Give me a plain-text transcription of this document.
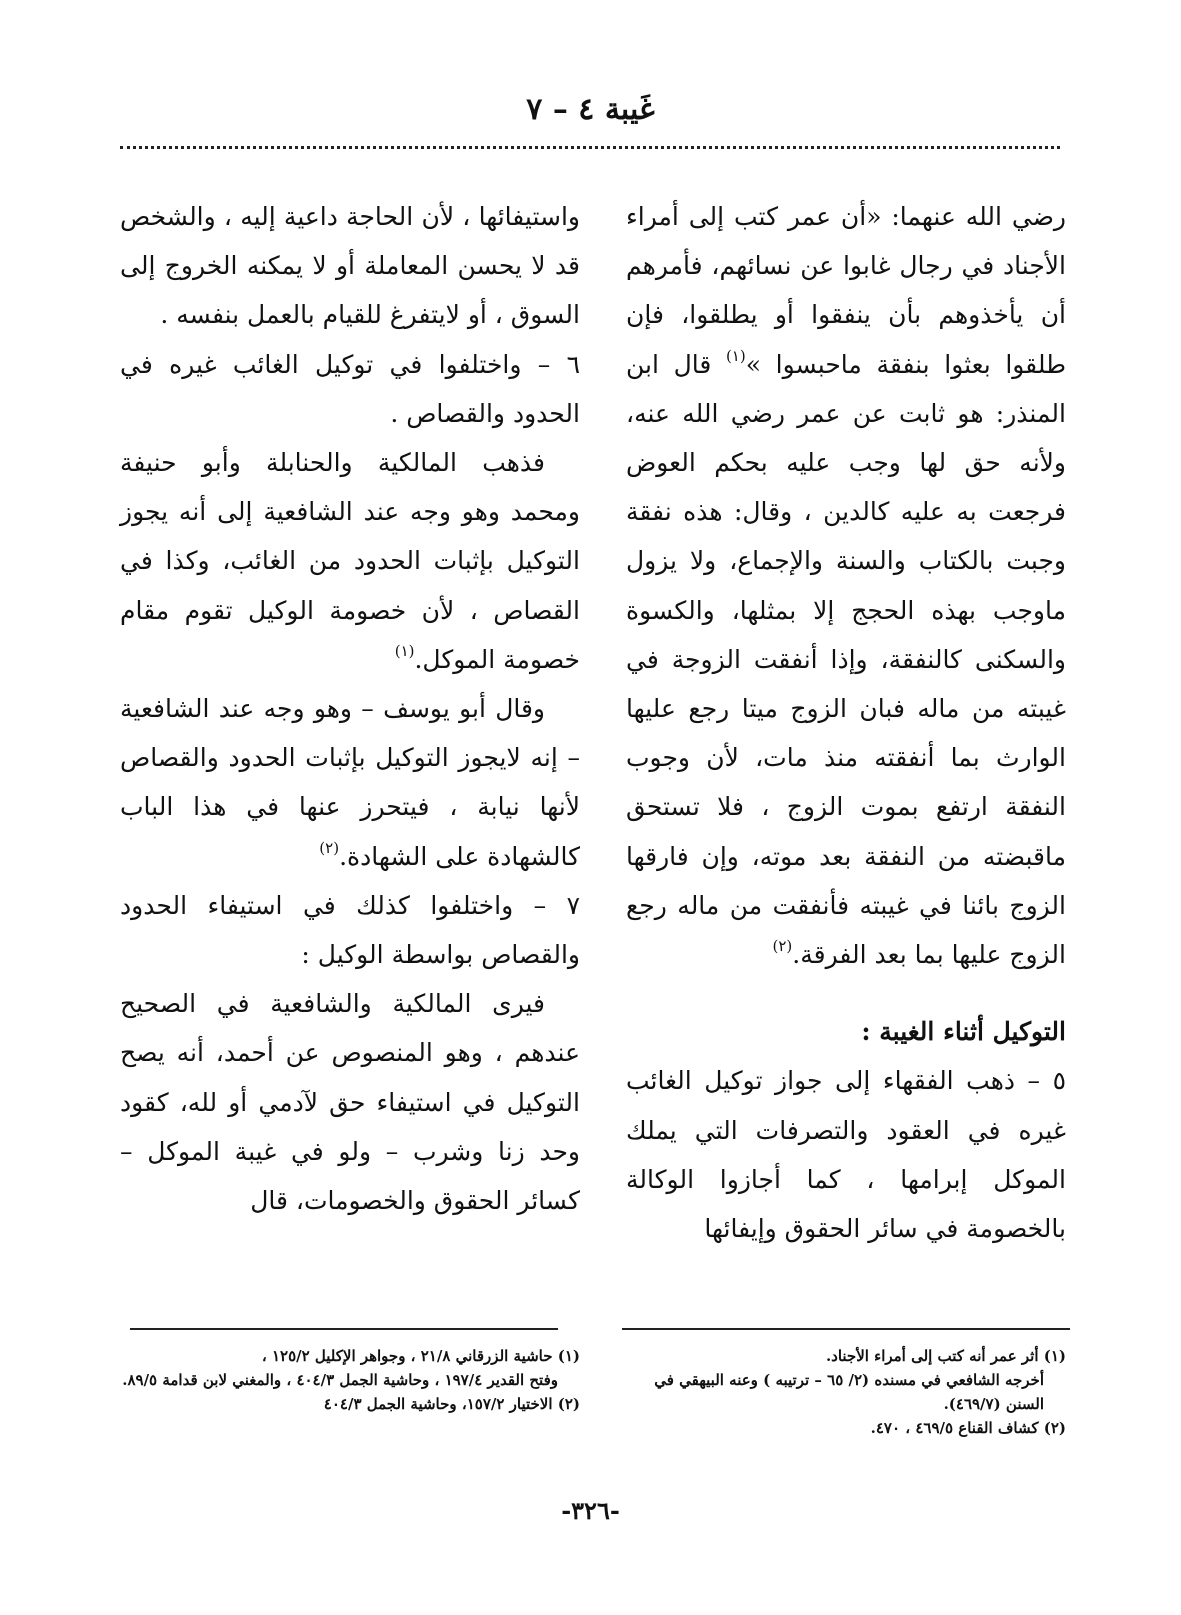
غَيبة ٤ – ٧

رضي الله عنهما: «أن عمر كتب إلى أمراء الأجناد في رجال غابوا عن نسائهم، فأمرهم أن يأخذوهم بأن ينفقوا أو يطلقوا، فإن طلقوا بعثوا بنفقة ماحبسوا »$^{(١)}$ قال ابن المنذر: هو ثابت عن عمر رضي الله عنه، ولأنه حق لها وجب عليه بحكم العوض فرجعت به عليه كالدين ، وقال: هذه نفقة وجبت بالكتاب والسنة والإجماع، ولا يزول ماوجب بهذه الحجج إلا بمثلها، والكسوة والسكنى كالنفقة، وإذا أنفقت الزوجة في غيبته من ماله فبان الزوج ميتا رجع عليها الوارث بما أنفقته منذ مات، لأن وجوب النفقة ارتفع بموت الزوج ، فلا تستحق ماقبضته من النفقة بعد موته، وإن فارقها الزوج بائنا في غيبته فأنفقت من ماله رجع الزوج عليها بما بعد الفرقة.$^{(٢)}$

التوكيل أثناء الغيبة :

٥ – ذهب الفقهاء إلى جواز توكيل الغائب غيره في العقود والتصرفات التي يملك الموكل إبرامها ، كما أجازوا الوكالة بالخصومة في سائر الحقوق وإيفائها

واستيفائها ، لأن الحاجة داعية إليه ، والشخص قد لا يحسن المعاملة أو لا يمكنه الخروج إلى السوق ، أو لايتفرغ للقيام بالعمل بنفسه .

٦ – واختلفوا في توكيل الغائب غيره في الحدود والقصاص .

فذهب المالكية والحنابلة وأبو حنيفة ومحمد وهو وجه عند الشافعية إلى أنه يجوز التوكيل بإثبات الحدود من الغائب، وكذا في القصاص ، لأن خصومة الوكيل تقوم مقام خصومة الموكل.$^{(١)}$

وقال أبو يوسف – وهو وجه عند الشافعية – إنه لايجوز التوكيل بإثبات الحدود والقصاص لأنها نيابة ، فيتحرز عنها في هذا الباب كالشهادة على الشهادة.$^{(٢)}$

٧ – واختلفوا كذلك في استيفاء الحدود والقصاص بواسطة الوكيل :

فيرى المالكية والشافعية في الصحيح عندهم ، وهو المنصوص عن أحمد، أنه يصح التوكيل في استيفاء حق لآدمي أو لله، كقود وحد زنا وشرب – ولو في غيبة الموكل – كسائر الحقوق والخصومات، قال

(١) أثر عمر أنه كتب إلى أمراء الأجناد.
أخرجه الشافعي في مسنده (٢/ ٦٥ – ترتيبه ) وعنه البيهقي في السنن (٤٦٩/٧).
(٢) كشاف القناع ٤٦٩/٥ ، ٤٧٠.
(١) حاشية الزرقاني ٢١/٨ ، وجواهر الإكليل ١٢٥/٢ ،
وفتح القدير ١٩٧/٤ ، وحاشية الجمل ٤٠٤/٣ ، والمغني لابن قدامة ٨٩/٥.
(٢) الاختيار ١٥٧/٢، وحاشية الجمل ٤٠٤/٣
-٣٢٦-
